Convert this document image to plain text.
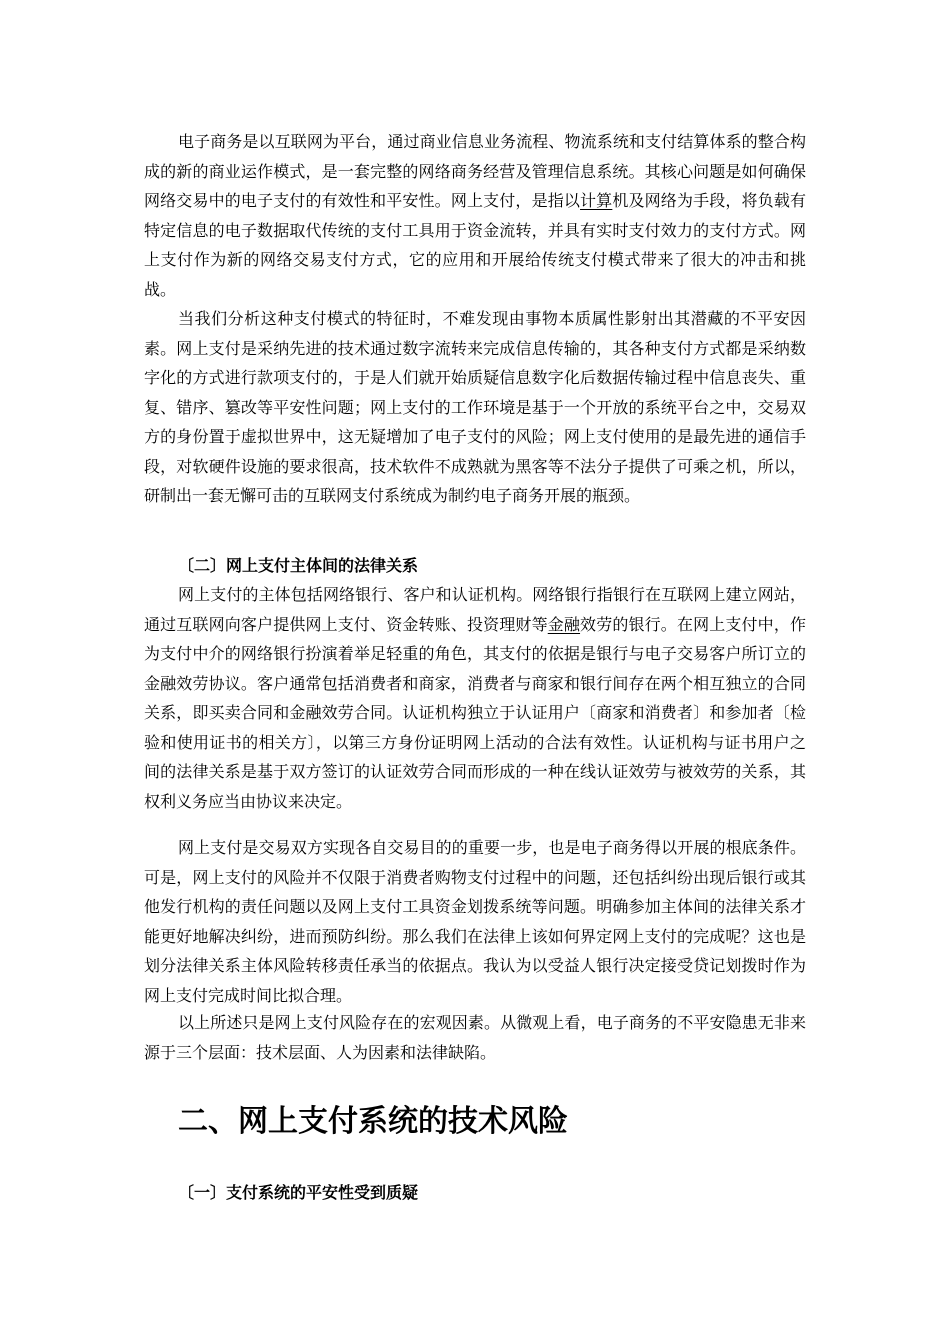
电子商务是以互联网为平台，通过商业信息业务流程、物流系统和支付结算体系的整合构成的新的商业运作模式，是一套完整的网络商务经营及管理信息系统。其核心问题是如何确保网络交易中的电子支付的有效性和平安性。网上支付，是指以计算机及网络为手段，将负载有特定信息的电子数据取代传统的支付工具用于资金流转，并具有实时支付效力的支付方式。网上支付作为新的网络交易支付方式，它的应用和开展给传统支付模式带来了很大的冲击和挑战。

当我们分析这种支付模式的特征时，不难发现由事物本质属性影射出其潜藏的不平安因素。网上支付是采纳先进的技术通过数字流转来完成信息传输的，其各种支付方式都是采纳数字化的方式进行款项支付的，于是人们就开始质疑信息数字化后数据传输过程中信息丧失、重复、错序、篡改等平安性问题；网上支付的工作环境是基于一个开放的系统平台之中，交易双方的身份置于虚拟世界中，这无疑增加了电子支付的风险；网上支付使用的是最先进的通信手段，对软硬件设施的要求很高，技术软件不成熟就为黑客等不法分子提供了可乘之机，所以，研制出一套无懈可击的互联网支付系统成为制约电子商务开展的瓶颈。

〔二〕网上支付主体间的法律关系

网上支付的主体包括网络银行、客户和认证机构。网络银行指银行在互联网上建立网站，通过互联网向客户提供网上支付、资金转账、投资理财等金融效劳的银行。在网上支付中，作为支付中介的网络银行扮演着举足轻重的角色，其支付的依据是银行与电子交易客户所订立的金融效劳协议。客户通常包括消费者和商家，消费者与商家和银行间存在两个相互独立的合同关系，即买卖合同和金融效劳合同。认证机构独立于认证用户〔商家和消费者〕和参加者〔检验和使用证书的相关方〕，以第三方身份证明网上活动的合法有效性。认证机构与证书用户之间的法律关系是基于双方签订的认证效劳合同而形成的一种在线认证效劳与被效劳的关系，其权利义务应当由协议来决定。

网上支付是交易双方实现各自交易目的的重要一步，也是电子商务得以开展的根底条件。可是，网上支付的风险并不仅限于消费者购物支付过程中的问题，还包括纠纷出现后银行或其他发行机构的责任问题以及网上支付工具资金划拨系统等问题。明确参加主体间的法律关系才能更好地解决纠纷，进而预防纠纷。那么我们在法律上该如何界定网上支付的完成呢？这也是划分法律关系主体风险转移责任承当的依据点。我认为以受益人银行决定接受贷记划拨时作为网上支付完成时间比拟合理。

以上所述只是网上支付风险存在的宏观因素。从微观上看，电子商务的不平安隐患无非来源于三个层面：技术层面、人为因素和法律缺陷。

二、网上支付系统的技术风险
〔一〕支付系统的平安性受到质疑
